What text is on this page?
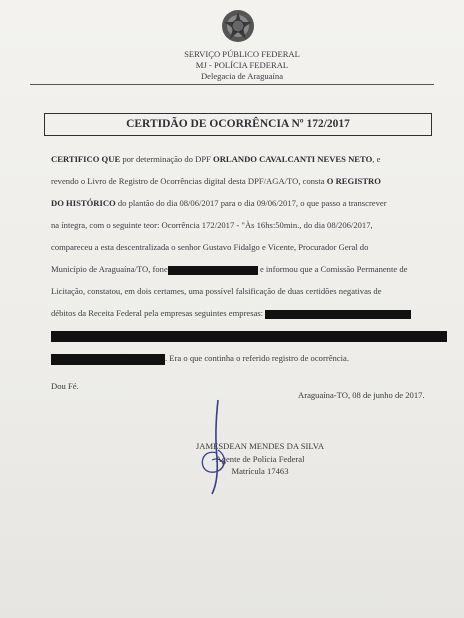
SERVIÇO PÚBLICO FEDERAL
MJ - POLÍCIA FEDERAL
Delegacia de Araguaína
CERTIDÃO DE OCORRÊNCIA Nº 172/2017
CERTIFICO QUE por determinação do DPF ORLANDO CAVALCANTI NEVES NETO, e
revendo o Livro de Registro de Ocorrências digital desta DPF/AGA/TO, consta O REGISTRO
DO HISTÓRICO do plantão do dia 08/06/2017 para o dia 09/06/2017, o que passo a transcrever
na íntegra, com o seguinte teor: Ocorrência 172/2017 - "Às 16hs:50min., do dia 08/206/2017,
compareceu a esta descentralizada o senhor Gustavo Fidalgo e Vicente, Procurador Geral do
Município de Araguaína/TO, fone	e informou que a Comissão Permanente de
Licitação, constatou, em dois certames, uma possível falsificação de duas certidões negativas de
débitos da Receita Federal pela empresas seguintes empresas:
. Era o que continha o referido registro de ocorrência.
Dou Fé.
Araguaína-TO, 08 de junho de 2017.
JAMESDEAN MENDES DA SILVA
Agente de Polícia Federal
Matrícula 17463
